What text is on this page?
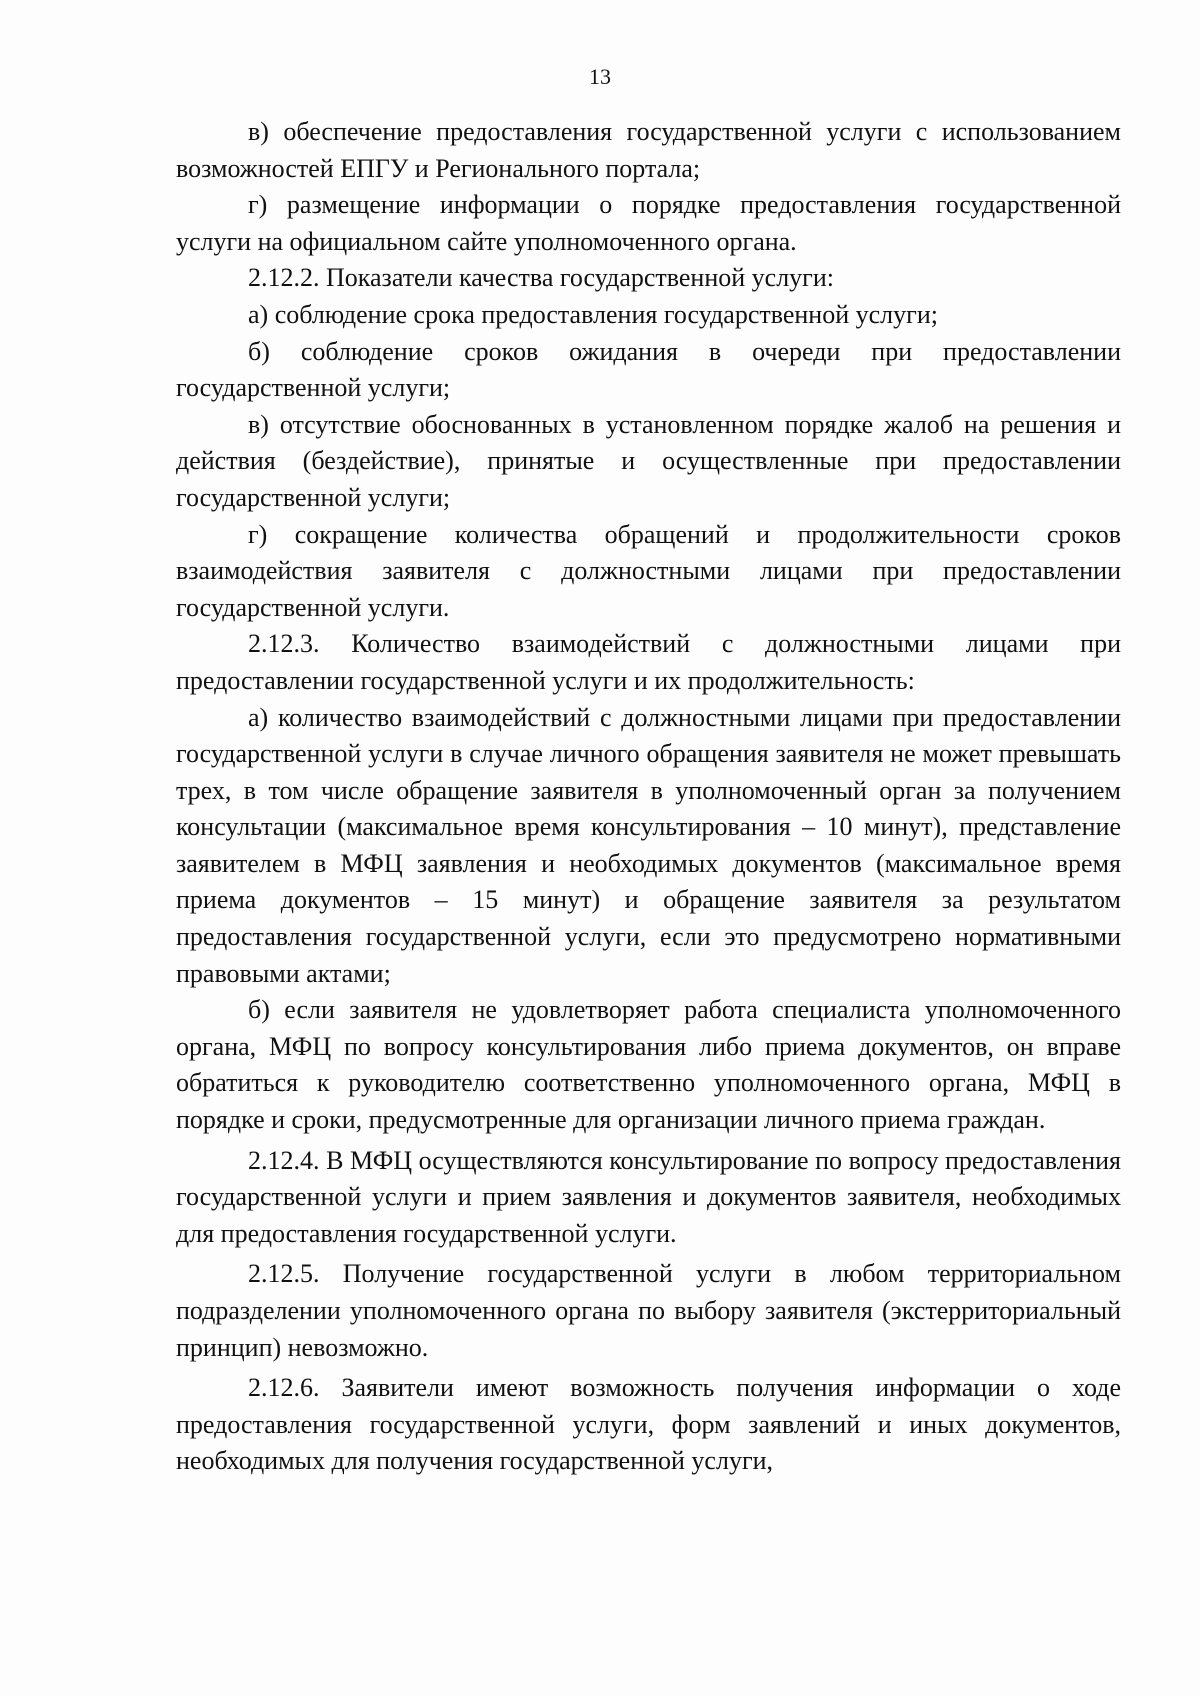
13

в) обеспечение предоставления государственной услуги с использованием возможностей ЕПГУ и Регионального портала;

г) размещение информации о порядке предоставления государственной услуги на официальном сайте уполномоченного органа.

2.12.2. Показатели качества государственной услуги:

а) соблюдение срока предоставления государственной услуги;

б) соблюдение сроков ожидания в очереди при предоставлении государственной услуги;

в) отсутствие обоснованных в установленном порядке жалоб на решения и действия (бездействие), принятые и осуществленные при предоставлении государственной услуги;

г) сокращение количества обращений и продолжительности сроков взаимодействия заявителя с должностными лицами при предоставлении государственной услуги.

2.12.3. Количество взаимодействий с должностными лицами при предоставлении государственной услуги и их продолжительность:

а) количество взаимодействий с должностными лицами при предоставлении государственной услуги в случае личного обращения заявителя не может превышать трех, в том числе обращение заявителя в уполномоченный орган за получением консультации (максимальное время консультирования – 10 минут), представление заявителем в МФЦ заявления и необходимых документов (максимальное время приема документов – 15 минут) и обращение заявителя за результатом предоставления государственной услуги, если это предусмотрено нормативными правовыми актами;

б) если заявителя не удовлетворяет работа специалиста уполномоченного органа, МФЦ по вопросу консультирования либо приема документов, он вправе обратиться к руководителю соответственно уполномоченного органа, МФЦ в порядке и сроки, предусмотренные для организации личного приема граждан.

2.12.4. В МФЦ осуществляются консультирование по вопросу предоставления государственной услуги и прием заявления и документов заявителя, необходимых для предоставления государственной услуги.

2.12.5. Получение государственной услуги в любом территориальном подразделении уполномоченного органа по выбору заявителя (экстерриториальный принцип) невозможно.

2.12.6. Заявители имеют возможность получения информации о ходе предоставления государственной услуги, форм заявлений и иных документов, необходимых для получения государственной услуги,
